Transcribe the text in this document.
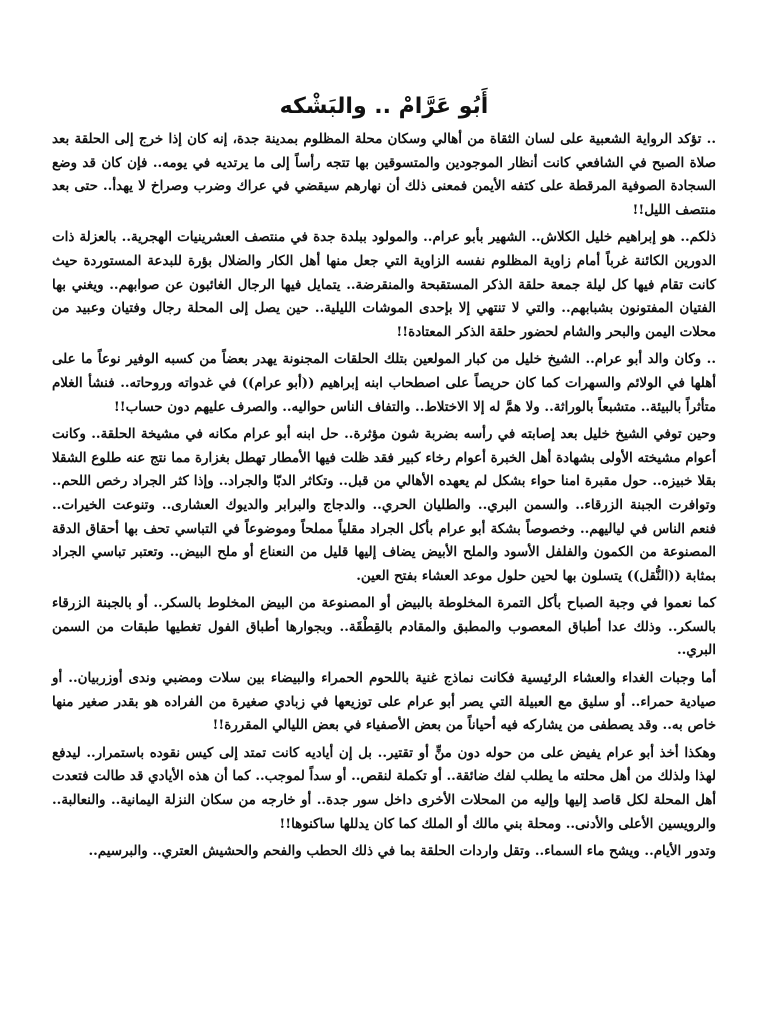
أَبُو عَرَّامْ .. والبَشْكه

.. تؤكد الرواية الشعبية على لسان الثقاة من أهالي وسكان محلة المظلوم بمدينة جدة، إنه كان إذا خرج إلى الحلقة بعد صلاة الصبح في الشافعي كانت أنظار الموجودين والمتسوقين بها تتجه رأساً إلى ما يرتديه في يومه.. فإن كان قد وضع السجادة الصوفية المرقطة على كتفه الأيمن فمعنى ذلك أن نهارهم سيقضي في عراك وضرب وصراخ لا يهدأ.. حتى بعد منتصف الليل!!

ذلكم.. هو إبراهيم خليل الكلاش.. الشهير بأبو عرام.. والمولود ببلدة جدة في منتصف العشرينيات الهجرية.. بالعزلة ذات الدورين الكائنة غرباً أمام زاوية المظلوم نفسه الزاوية التي جعل منها أهل الكار والضلال بؤرة للبدعة المستوردة حيث كانت تقام فيها كل ليلة جمعة حلقة الذكر المستقبحة والمنقرضة.. يتمايل فيها الرجال الغائبون عن صوابهم.. ويغني بها الفتيان المفتونون بشبابهم.. والتي لا تنتهي إلا بإحدى الموشات الليلية.. حين يصل إلى المحلة رجال وفتيان وعبيد من محلات اليمن والبحر والشام لحضور حلقة الذكر المعتادة!!

.. وكان والد أبو عرام.. الشيخ خليل من كبار المولعين بتلك الحلقات المجنونة يهدر بعضاً من كسبه الوفير نوعاً ما على أهلها في الولائم والسهرات كما كان حريصاً على اصطحاب ابنه إبراهيم ((أبو عرام)) في غدواته وروحاته.. فنشأ الغلام متأثراً بالبيئة.. متشبعاً بالوراثة.. ولا همَّ له إلا الاختلاط.. والتفاف الناس حواليه.. والصرف عليهم دون حساب!!

وحين توفي الشيخ خليل بعد إصابته في رأسه بضربة شون مؤثرة.. حل ابنه أبو عرام مكانه في مشيخة الحلقة.. وكانت أعوام مشيخته الأولى بشهادة أهل الخبرة أعوام رخاء كبير فقد ظلت فيها الأمطار تهطل بغزارة مما نتج عنه طلوع الشقلا بقلا خبيزه.. حول مقبرة امنا حواء بشكل لم يعهده الأهالي من قبل.. وتكاثر الدبّا والجراد.. وإذا كثر الجراد رخص اللحم.. وتوافرت الجبنة الزرقاء.. والسمن البري.. والطليان الحري.. والدجاج والبرابر والديوك العشارى.. وتنوعت الخيرات.. فنعم الناس في لياليهم.. وخصوصاً بشكة أبو عرام بأكل الجراد مقلياً مملحاً وموضوعاً في التباسي تحف بها أحقاق الدقة المصنوعة من الكمون والفلفل الأسود والملح الأبيض يضاف إليها قليل من النعناع أو ملح البيض.. وتعتبر تباسي الجراد بمثابة ((النُّقل)) يتسلون بها لحين حلول موعد العشاء بفتح العين.

كما نعموا في وجبة الصباح بأكل التمرة المخلوطة بالبيض أو المصنوعة من البيض المخلوط بالسكر.. أو بالجبنة الزرقاء بالسكر.. وذلك عدا أطباق المعصوب والمطبق والمقادم بالقِطْقَة.. وبجوارها أطباق الفول تغطيها طبقات من السمن البري..

أما وجبات الغداء والعشاء الرئيسية فكانت نماذج غنية باللحوم الحمراء والبيضاء بين سلات ومضبي وندى أوزربيان.. أو صيادية حمراء.. أو سليق مع العبيلة التي يصر أبو عرام على توزيعها في زبادي صغيرة من الفراده هو بقدر صغير منها خاص به.. وقد يصطفى من يشاركه فيه أحياناً من بعض الأصفياء في بعض الليالي المقررة!!

وهكذا أخذ أبو عرام يفيض على من حوله دون منٍّ أو تقتير.. بل إن أياديه كانت تمتد إلى كيس نقوده باستمرار.. ليدفع لهذا ولذلك من أهل محلته ما يطلب لفك ضائقة.. أو تكملة لنقص.. أو سداً لموجب.. كما أن هذه الأيادي قد طالت فتعدت أهل المحلة لكل قاصد إليها وإليه من المحلات الأخرى داخل سور جدة.. أو خارجه من سكان النزلة اليمانية.. والنعالبة.. والرويسين الأعلى والأدنى.. ومحلة بني مالك أو الملك كما كان يدللها ساكنوها!!

وتدور الأيام.. ويشح ماء السماء.. وتقل واردات الحلقة بما في ذلك الحطب والفحم والحشيش العتري.. والبرسيم..
